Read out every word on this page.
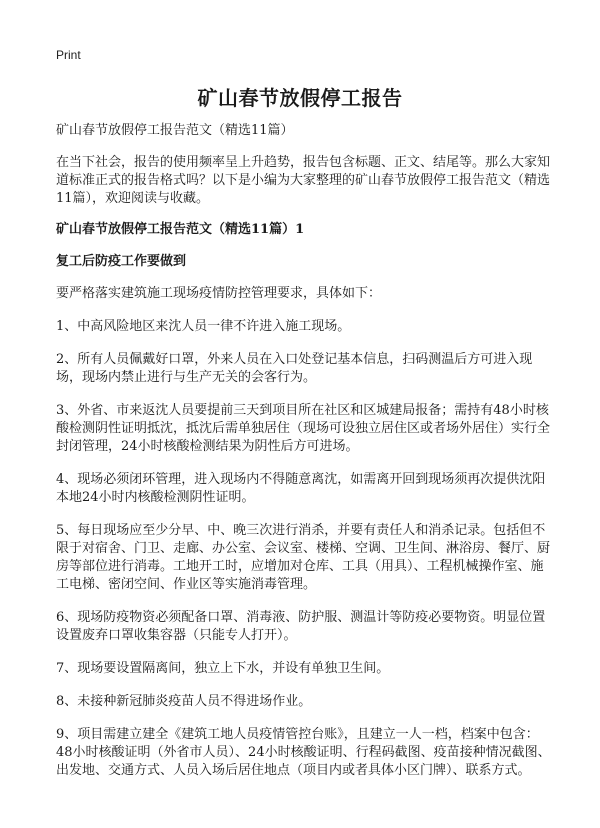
Print
矿山春节放假停工报告

矿山春节放假停工报告范文（精选11篇）

在当下社会，报告的使用频率呈上升趋势，报告包含标题、正文、结尾等。那么大家知道标准正式的报告格式吗？以下是小编为大家整理的矿山春节放假停工报告范文（精选11篇），欢迎阅读与收藏。

矿山春节放假停工报告范文（精选11篇）1

复工后防疫工作要做到

要严格落实建筑施工现场疫情防控管理要求，具体如下：

1、中高风险地区来沈人员一律不许进入施工现场。

2、所有人员佩戴好口罩，外来人员在入口处登记基本信息，扫码测温后方可进入现场，现场内禁止进行与生产无关的会客行为。

3、外省、市来返沈人员要提前三天到项目所在社区和区城建局报备；需持有48小时核酸检测阴性证明抵沈，抵沈后需单独居住（现场可设独立居住区或者场外居住）实行全封闭管理，24小时核酸检测结果为阴性后方可进场。

4、现场必须闭环管理，进入现场内不得随意离沈，如需离开回到现场须再次提供沈阳本地24小时内核酸检测阴性证明。

5、每日现场应至少分早、中、晚三次进行消杀，并要有责任人和消杀记录。包括但不限于对宿舍、门卫、走廊、办公室、会议室、楼梯、空调、卫生间、淋浴房、餐厅、厨房等部位进行消毒。工地开工时，应增加对仓库、工具（用具）、工程机械操作室、施工电梯、密闭空间、作业区等实施消毒管理。

6、现场防疫物资必须配备口罩、消毒液、防护服、测温计等防疫必要物资。明显位置设置废弃口罩收集容器（只能专人打开）。

7、现场要设置隔离间，独立上下水，并设有单独卫生间。

8、未接种新冠肺炎疫苗人员不得进场作业。

9、项目需建立建全《建筑工地人员疫情管控台账》，且建立一人一档，档案中包含：48小时核酸证明（外省市人员）、24小时核酸证明、行程码截图、疫苗接种情况截图、出发地、交通方式、人员入场后居住地点（项目内或者具体小区门牌）、联系方式。
